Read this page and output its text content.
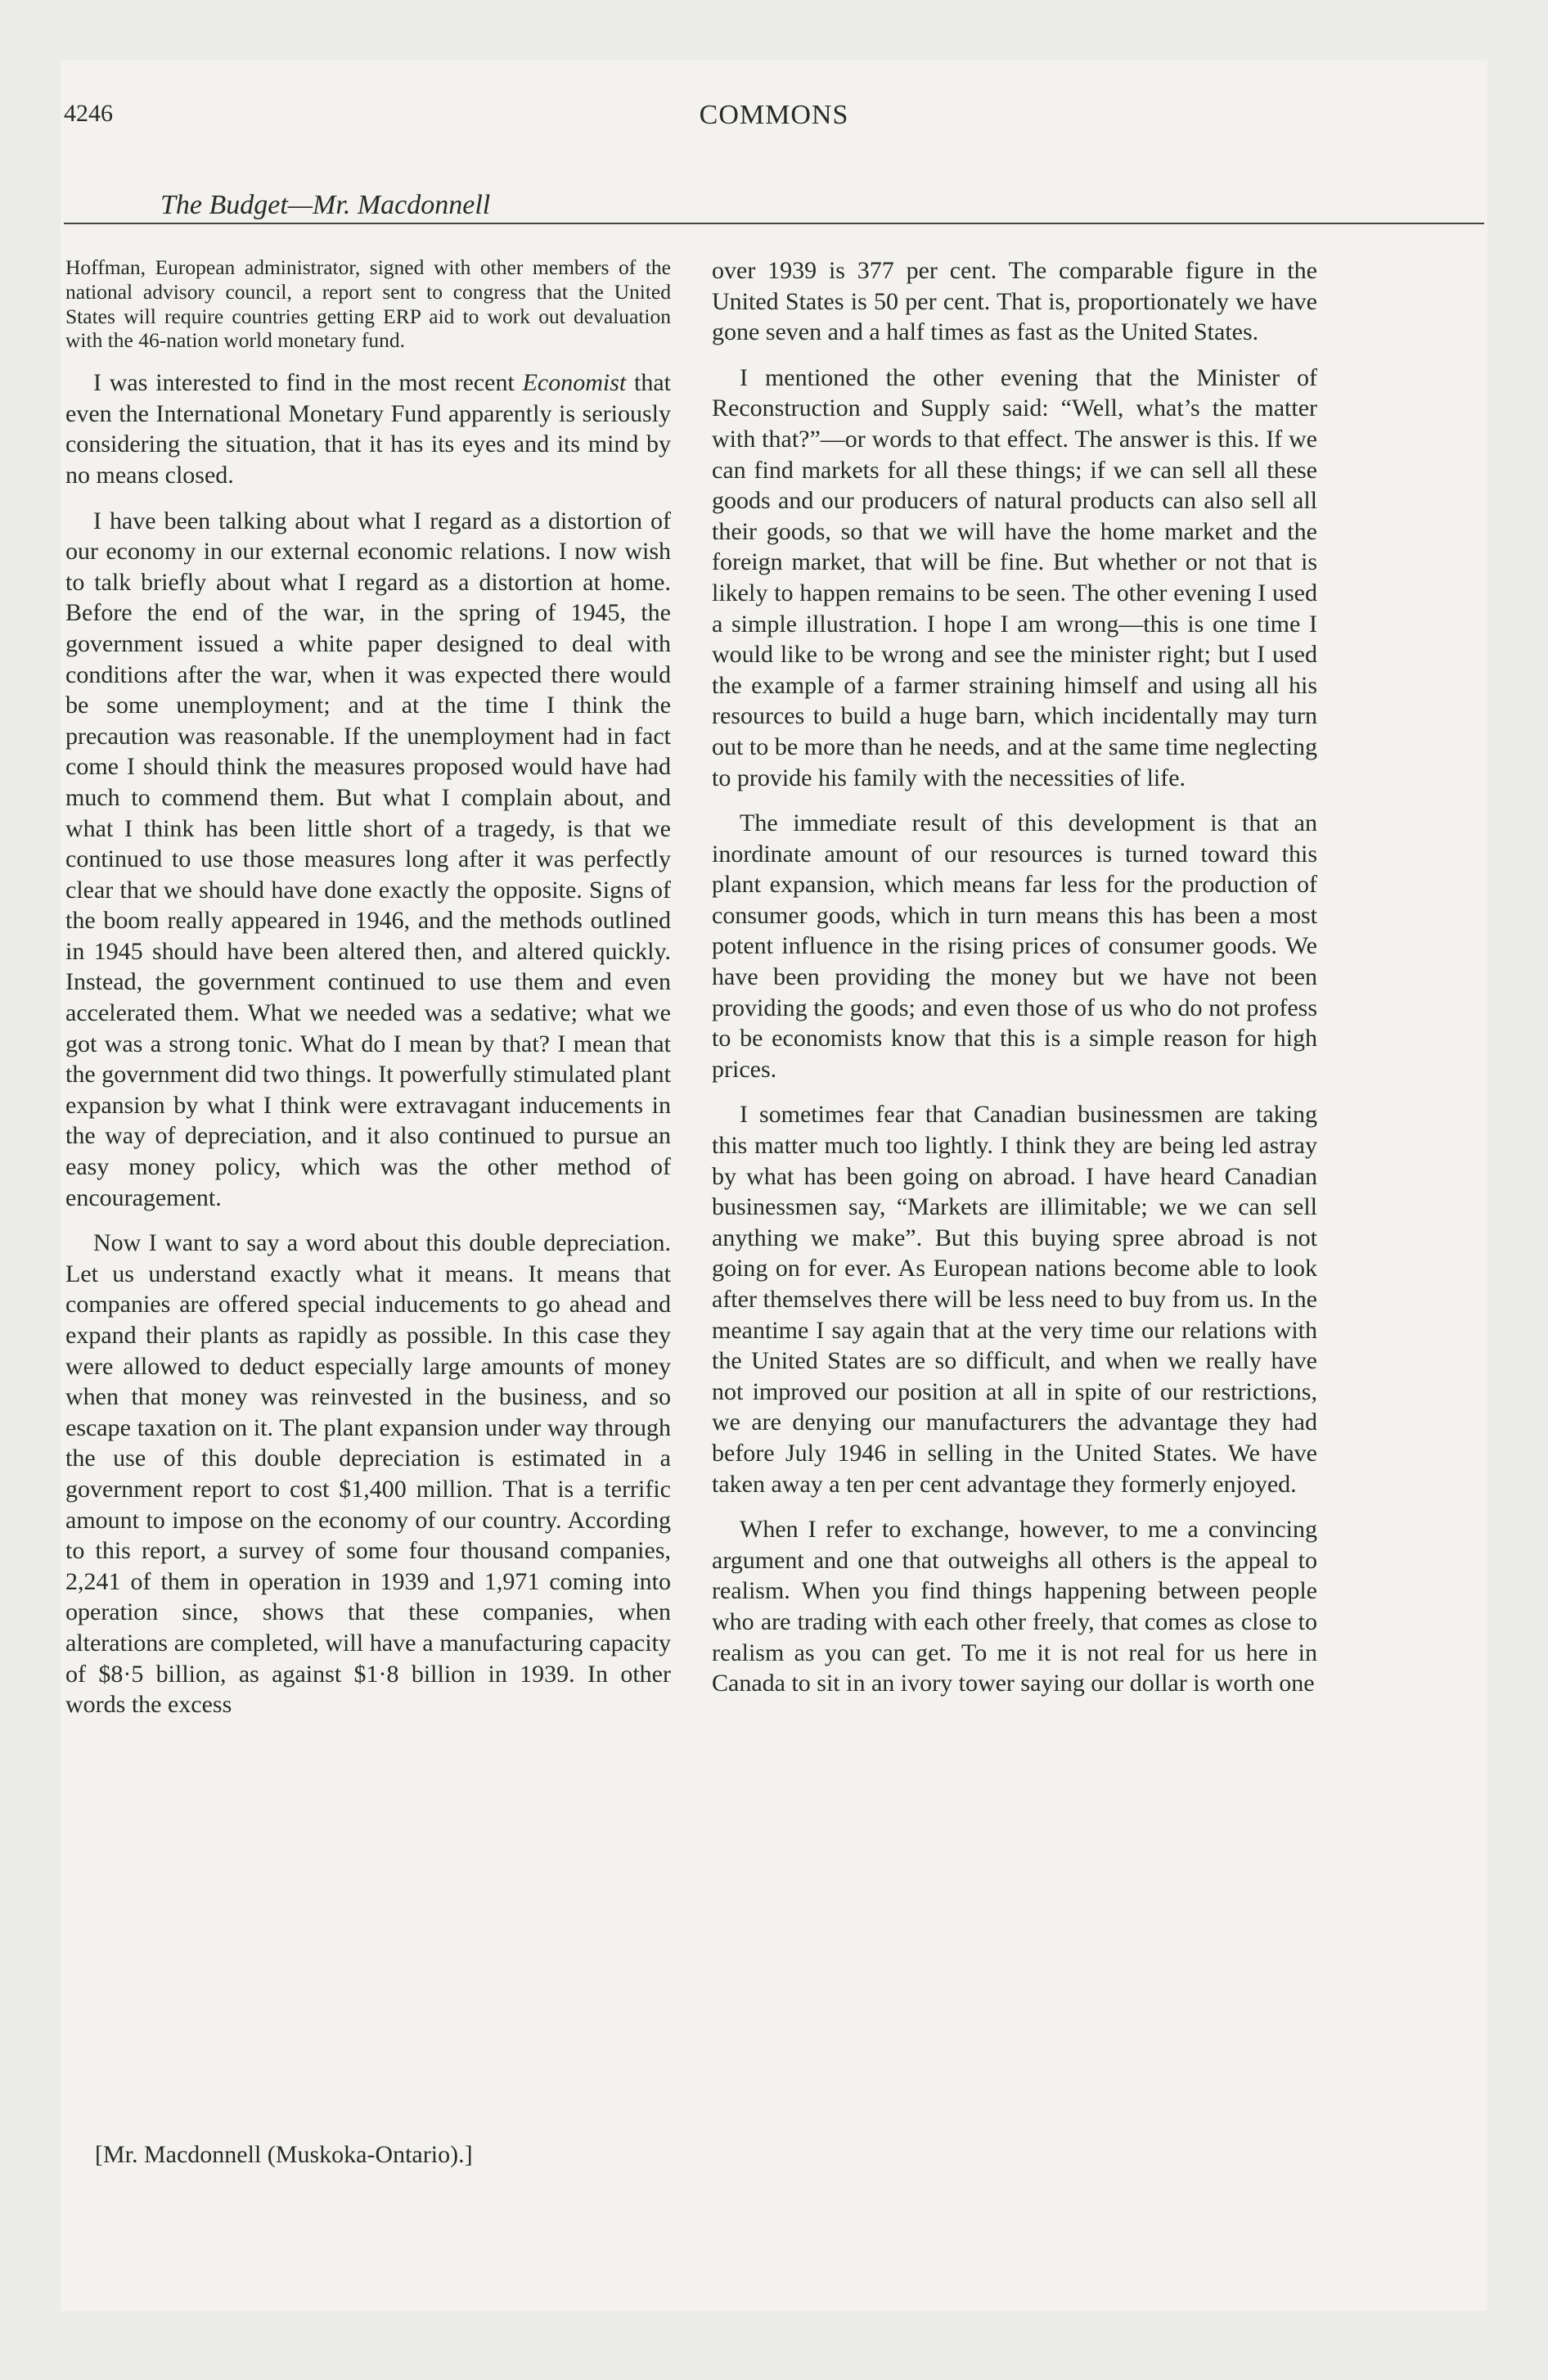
4246	COMMONS
The Budget—Mr. Macdonnell

Hoffman, European administrator, signed with other members of the national advisory council, a report sent to congress that the United States will require countries getting ERP aid to work out devaluation with the 46-nation world monetary fund.

I was interested to find in the most recent Economist that even the International Monetary Fund apparently is seriously considering the situation, that it has its eyes and its mind by no means closed.

I have been talking about what I regard as a distortion of our economy in our external economic relations. I now wish to talk briefly about what I regard as a distortion at home. Before the end of the war, in the spring of 1945, the government issued a white paper designed to deal with conditions after the war, when it was expected there would be some unemployment; and at the time I think the precaution was reasonable. If the unemployment had in fact come I should think the measures proposed would have had much to commend them. But what I complain about, and what I think has been little short of a tragedy, is that we continued to use those measures long after it was perfectly clear that we should have done exactly the opposite. Signs of the boom really appeared in 1946, and the methods outlined in 1945 should have been altered then, and altered quickly. Instead, the government continued to use them and even accelerated them. What we needed was a sedative; what we got was a strong tonic. What do I mean by that? I mean that the government did two things. It powerfully stimulated plant expansion by what I think were extravagant inducements in the way of depreciation, and it also continued to pursue an easy money policy, which was the other method of encouragement.

Now I want to say a word about this double depreciation. Let us understand exactly what it means. It means that companies are offered special inducements to go ahead and expand their plants as rapidly as possible. In this case they were allowed to deduct especially large amounts of money when that money was reinvested in the business, and so escape taxation on it. The plant expansion under way through the use of this double depreciation is estimated in a government report to cost $1,400 million. That is a terrific amount to impose on the economy of our country. According to this report, a survey of some four thousand companies, 2,241 of them in operation in 1939 and 1,971 coming into operation since, shows that these companies, when alterations are completed, will have a manufacturing capacity of $8·5 billion, as against $1·8 billion in 1939. In other words the excess

over 1939 is 377 per cent. The comparable figure in the United States is 50 per cent. That is, proportionately we have gone seven and a half times as fast as the United States.

I mentioned the other evening that the Minister of Reconstruction and Supply said: “Well, what’s the matter with that?”—or words to that effect. The answer is this. If we can find markets for all these things; if we can sell all these goods and our producers of natural products can also sell all their goods, so that we will have the home market and the foreign market, that will be fine. But whether or not that is likely to happen remains to be seen. The other evening I used a simple illustration. I hope I am wrong—this is one time I would like to be wrong and see the minister right; but I used the example of a farmer straining himself and using all his resources to build a huge barn, which incidentally may turn out to be more than he needs, and at the same time neglecting to provide his family with the necessities of life.

The immediate result of this development is that an inordinate amount of our resources is turned toward this plant expansion, which means far less for the production of consumer goods, which in turn means this has been a most potent influence in the rising prices of consumer goods. We have been providing the money but we have not been providing the goods; and even those of us who do not profess to be economists know that this is a simple reason for high prices.

I sometimes fear that Canadian businessmen are taking this matter much too lightly. I think they are being led astray by what has been going on abroad. I have heard Canadian businessmen say, “Markets are illimitable; we we can sell anything we make”. But this buying spree abroad is not going on for ever. As European nations become able to look after themselves there will be less need to buy from us. In the meantime I say again that at the very time our relations with the United States are so difficult, and when we really have not improved our position at all in spite of our restrictions, we are denying our manufacturers the advantage they had before July 1946 in selling in the United States. We have taken away a ten per cent advantage they formerly enjoyed.

When I refer to exchange, however, to me a convincing argument and one that outweighs all others is the appeal to realism. When you find things happening between people who are trading with each other freely, that comes as close to realism as you can get. To me it is not real for us here in Canada to sit in an ivory tower saying our dollar is worth one

[Mr. Macdonnell (Muskoka-Ontario).]
